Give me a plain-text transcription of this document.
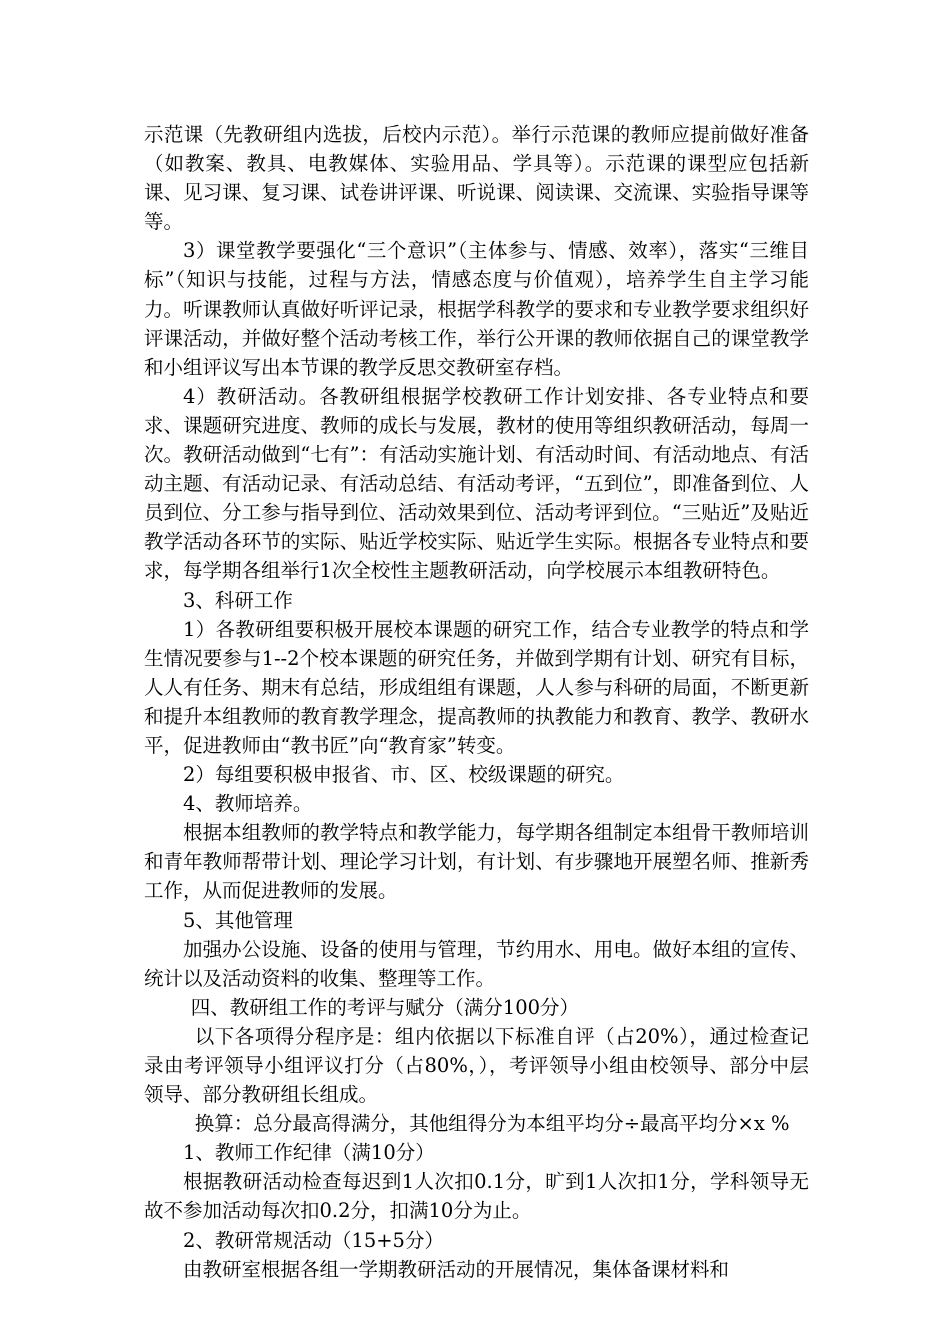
示范课（先教研组内选拔，后校内示范）。举行示范课的教师应提前做好准备（如教案、教具、电教媒体、实验用品、学具等）。示范课的课型应包括新课、见习课、复习课、试卷讲评课、听说课、阅读课、交流课、实验指导课等等。

3）课堂教学要强化“三个意识”（主体参与、情感、效率），落实“三维目标”（知识与技能，过程与方法，情感态度与价值观），培养学生自主学习能力。听课教师认真做好听评记录，根据学科教学的要求和专业教学要求组织好评课活动，并做好整个活动考核工作，举行公开课的教师依据自己的课堂教学和小组评议写出本节课的教学反思交教研室存档。

4）教研活动。各教研组根据学校教研工作计划安排、各专业特点和要求、课题研究进度、教师的成长与发展，教材的使用等组织教研活动，每周一次。教研活动做到“七有”：有活动实施计划、有活动时间、有活动地点、有活动主题、有活动记录、有活动总结、有活动考评，“五到位”，即准备到位、人员到位、分工参与指导到位、活动效果到位、活动考评到位。“三贴近”及贴近教学活动各环节的实际、贴近学校实际、贴近学生实际。根据各专业特点和要求，每学期各组举行1次全校性主题教研活动，向学校展示本组教研特色。

3、科研工作

1）各教研组要积极开展校本课题的研究工作，结合专业教学的特点和学生情况要参与1--2个校本课题的研究任务，并做到学期有计划、研究有目标，人人有任务、期末有总结，形成组组有课题，人人参与科研的局面，不断更新和提升本组教师的教育教学理念，提高教师的执教能力和教育、教学、教研水平，促进教师由“教书匠”向“教育家”转变。

2）每组要积极申报省、市、区、校级课题的研究。

4、教师培养。

根据本组教师的教学特点和教学能力，每学期各组制定本组骨干教师培训和青年教师帮带计划、理论学习计划，有计划、有步骤地开展塑名师、推新秀工作，从而促进教师的发展。

5、其他管理

加强办公设施、设备的使用与管理，节约用水、用电。做好本组的宣传、统计以及活动资料的收集、整理等工作。

四、教研组工作的考评与赋分（满分100分）

以下各项得分程序是：组内依据以下标准自评（占20%），通过检查记录由考评领导小组评议打分（占80%，），考评领导小组由校领导、部分中层领导、部分教研组长组成。

换算：总分最高得满分，其他组得分为本组平均分÷最高平均分×x %

1、教师工作纪律（满10分）

根据教研活动检查每迟到1人次扣0.1分，旷到1人次扣1分，学科领导无故不参加活动每次扣0.2分，扣满10分为止。

2、教研常规活动（15+5分）

由教研室根据各组一学期教研活动的开展情况，集体备课材料和
